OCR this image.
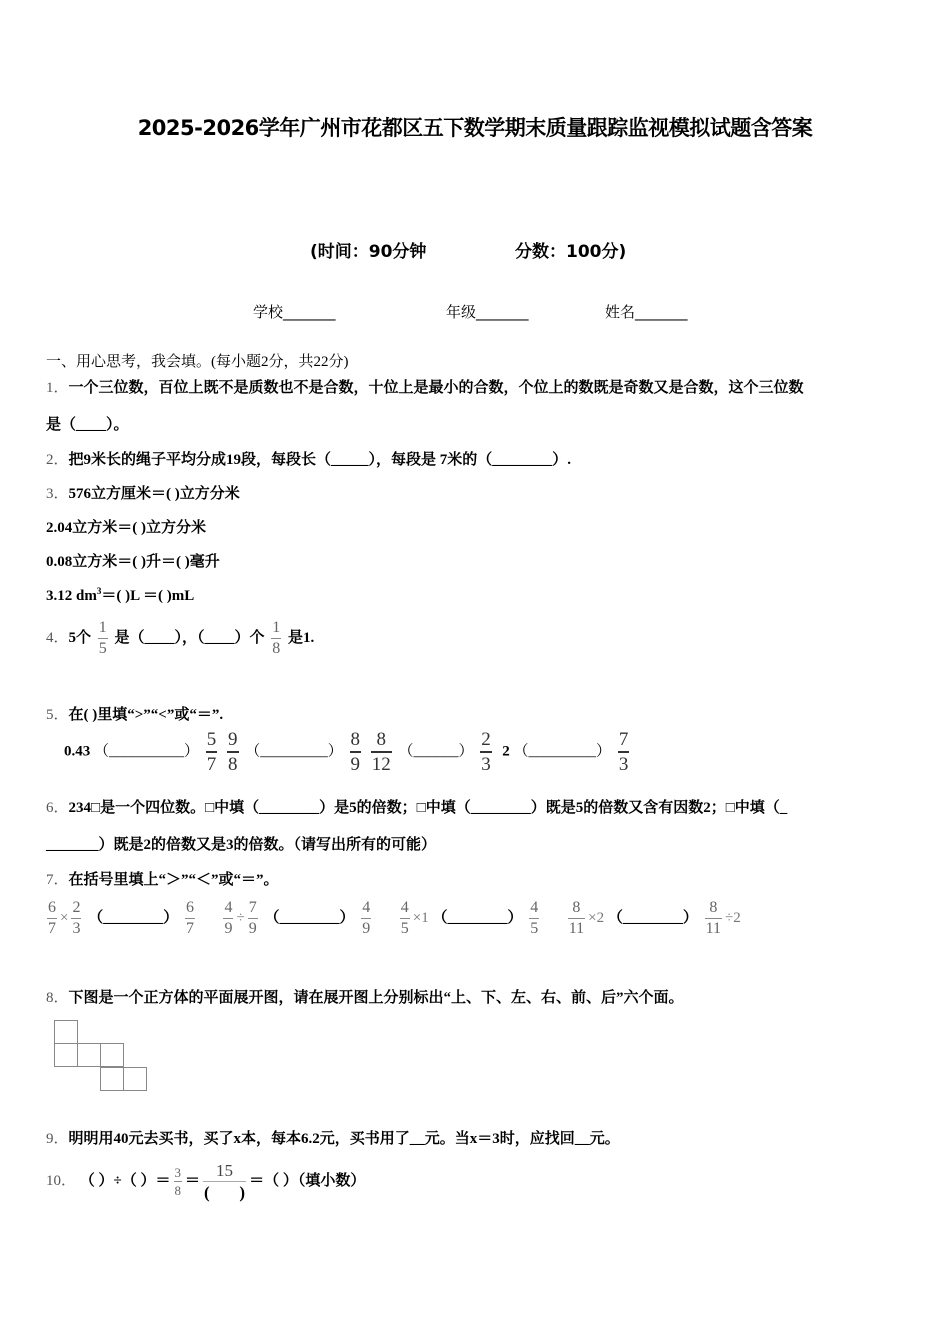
2025-2026学年广州市花都区五下数学期末质量跟踪监视模拟试题含答案
(时间：90分钟	分数：100分)
学校_______	年级_______	姓名_______
一、用心思考，我会填。(每小题2分，共22分)
1．一个三位数，百位上既不是质数也不是合数，十位上是最小的合数，个位上的数既是奇数又是合数，这个三位数
是（____）。
2．把9米长的绳子平均分成19段，每段长（_____），每段是 7米的（________）.
3．576立方厘米＝( )立方分米
2.04立方米＝( )立方分米
0.08立方米＝( )升＝( )毫升
3.12 $dm^3=$( )L ＝( )mL
4．5个 $\frac{1}{5}$ 是（____），（____）个 $\frac{1}{8}$ 是1.
5．在( )里填“>”“<”或“＝”.
0.43 （__________） $\frac{5}{7}$
$\frac{9}{8}$ （_________） $\frac{8}{9}$
$\frac{8}{12}$ （______） $\frac{2}{3} 2$ （_________） $\frac{7}{3}$
6．234□是一个四位数。□中填（________）是5的倍数；□中填（________）既是5的倍数又含有因数2；□中填（_
_______）既是2的倍数又是3的倍数。（请写出所有的可能）
7．在括号里填上“＞”“＜”或“＝”。
$\frac{6}{7} \times \frac{2}{3}$ （________） $\frac{6}{7}$
$\frac{4}{9} \div \frac{7}{9}$ （________） $\frac{4}{9}$
$\frac{4}{5} \times 1$ （________） $\frac{4}{5}$
$\frac{8}{11} \times 2$ （________） $\frac{8}{11} \div 2$
8．下图是一个正方体的平面展开图，请在展开图上分别标出“上、下、左、右、前、后”六个面。
9．明明用40元去买书，买了x本，每本6.2元，买书用了__元。当x＝3时，应找回__元。
10． （ ）÷（ ）＝ $\frac{3}{8} = \frac{15}{( )}$ ＝（ ）（填小数）
